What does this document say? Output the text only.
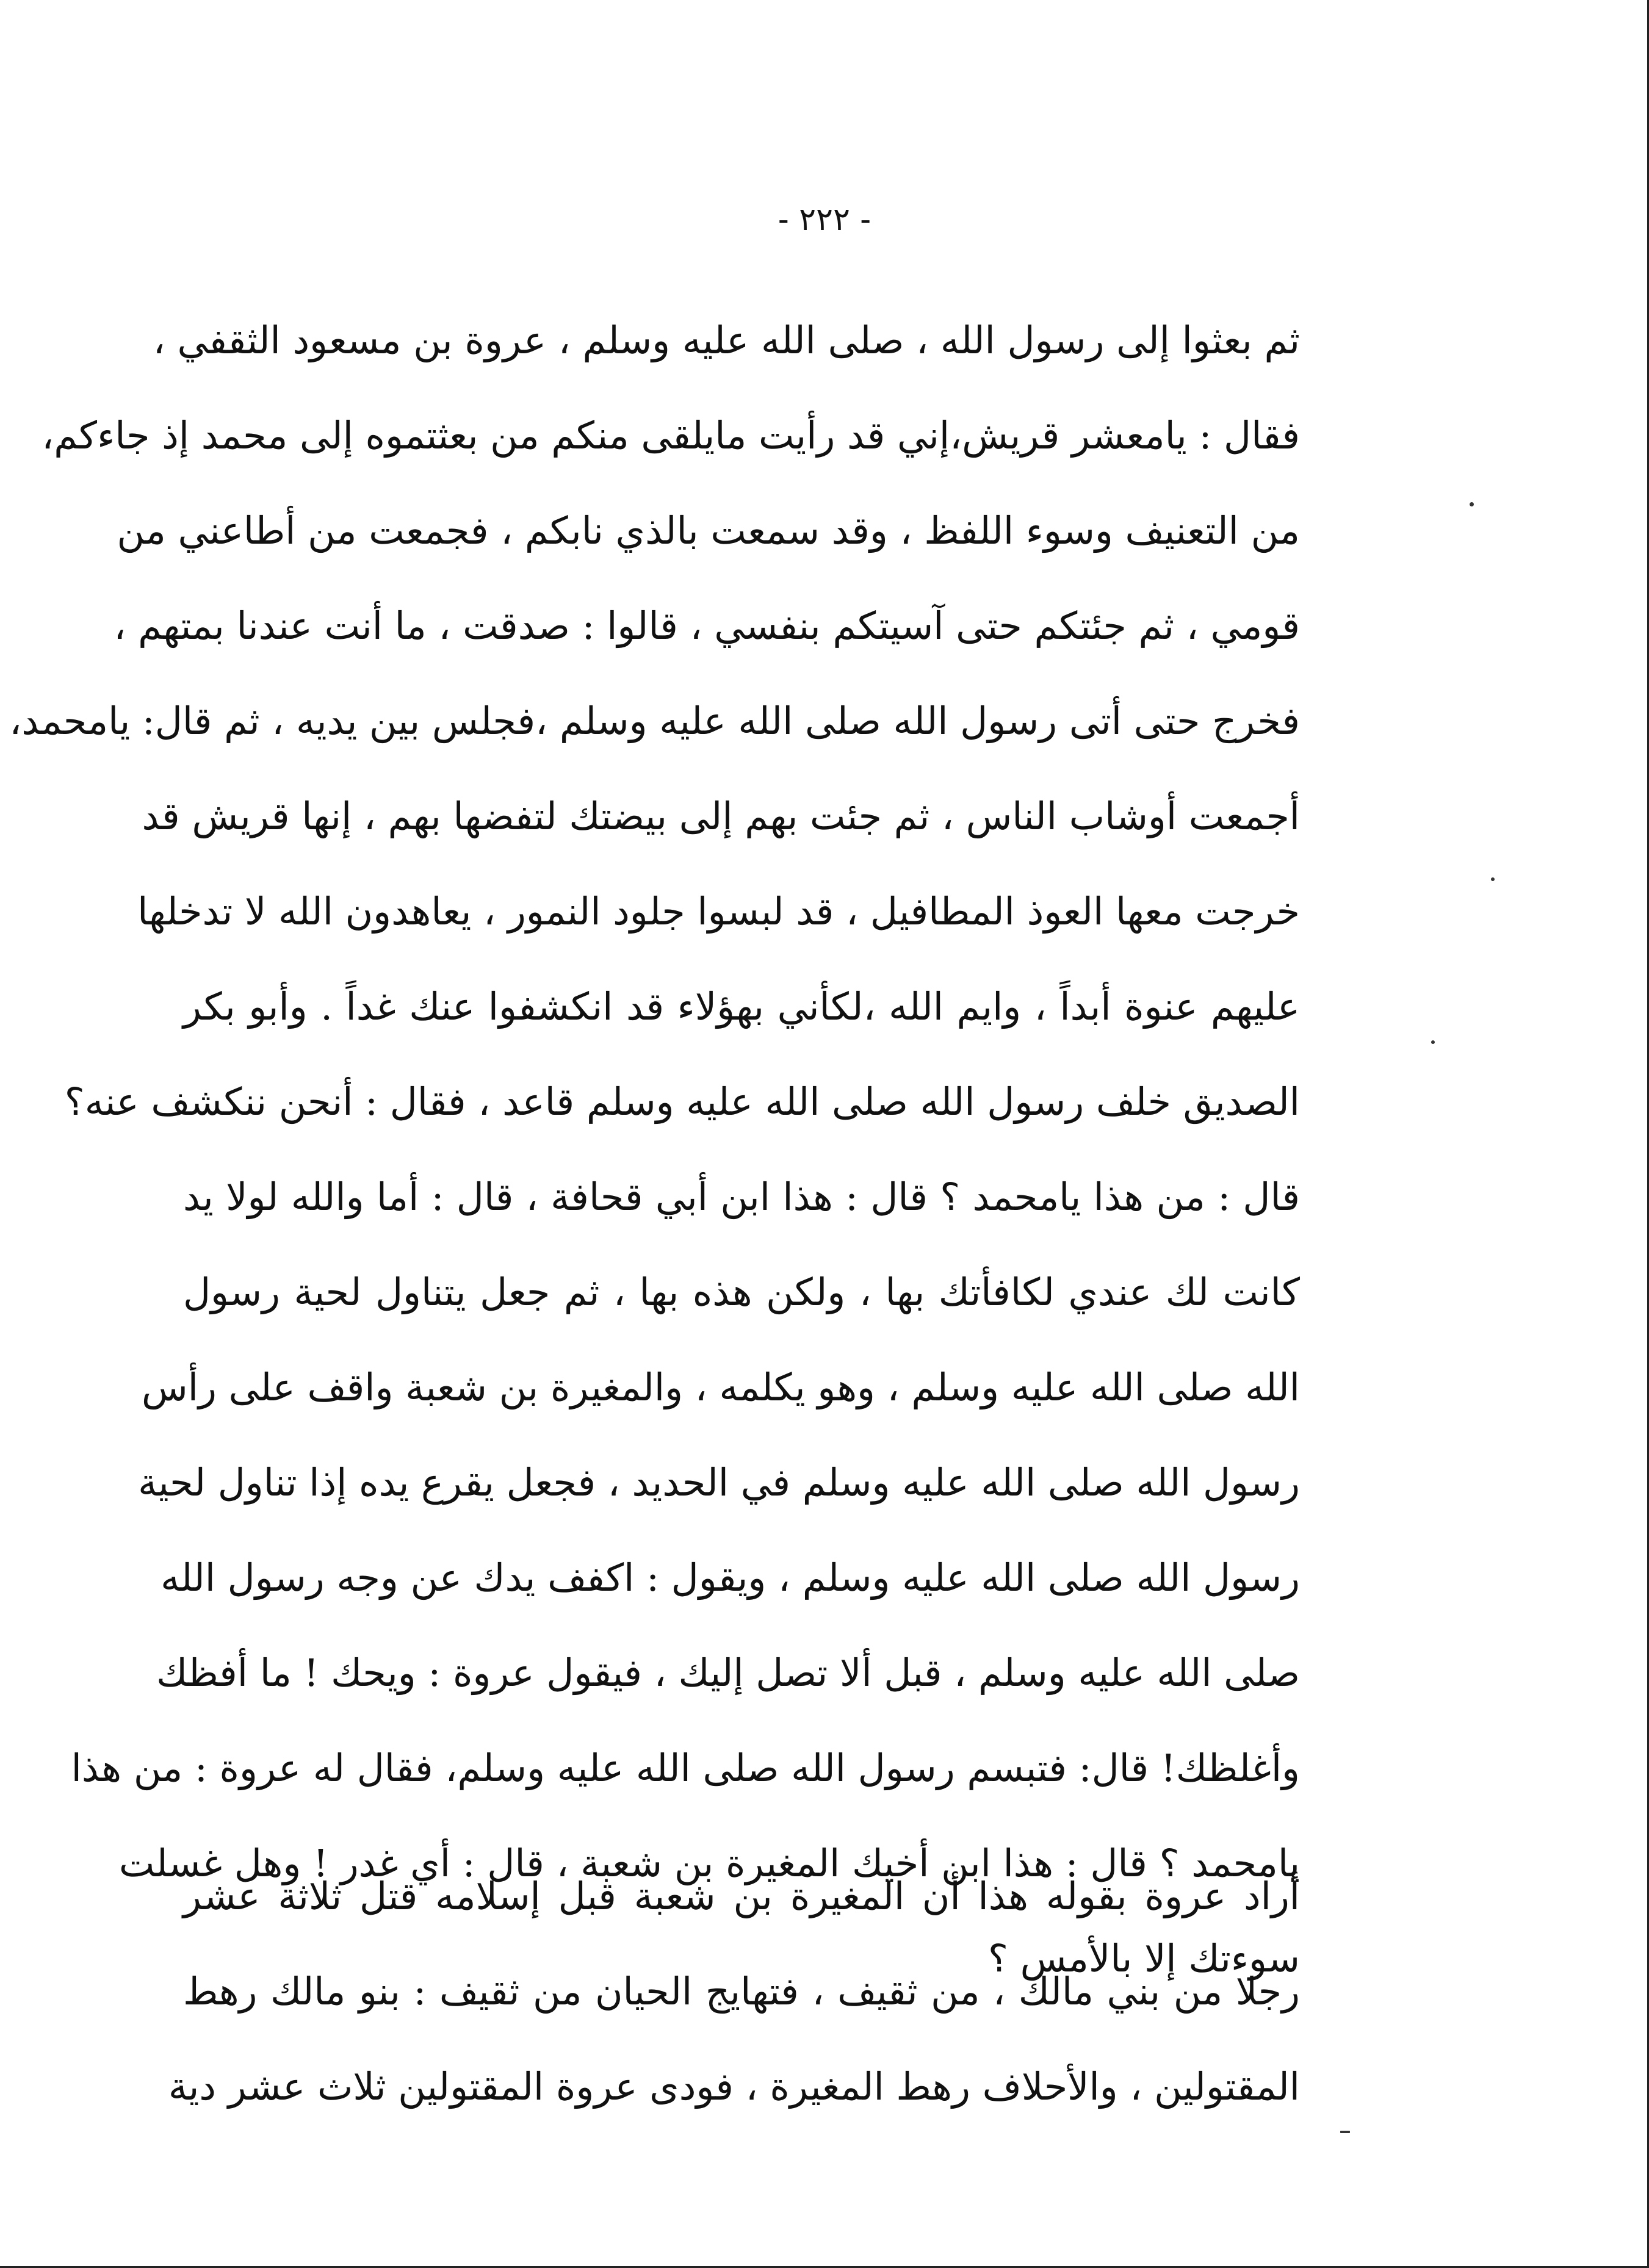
- ٢٢٢ -
ثم بعثوا إلى رسول الله ، صلى الله عليه وسلم ، عروة بن مسعود الثقفي ،
فقال : يامعشر قريش،إني قد رأيت مايلقى منكم من بعثتموه إلى محمد إذ جاءكم،
من التعنيف وسوء اللفظ ، وقد سمعت بالذي نابكم ، فجمعت من أطاعني من
قومي ، ثم جئتكم حتى آسيتكم بنفسي ، قالوا : صدقت ، ما أنت عندنا بمتهم ،
فخرج حتى أتى رسول الله صلى الله عليه وسلم ،فجلس بين يديه ، ثم قال: يامحمد،
أجمعت أوشاب الناس ، ثم جئت بهم إلى بيضتك لتفضها بهم ، إنها قريش قد
خرجت معها العوذ المطافيل ، قد لبسوا جلود النمور ، يعاهدون الله لا تدخلها
عليهم عنوة أبداً ، وايم الله ،لكأني بهؤلاء قد انكشفوا عنك غداً . وأبو بكر
الصديق خلف رسول الله صلى الله عليه وسلم قاعد ، فقال : أنحن ننكشف عنه؟
قال : من هذا يامحمد ؟ قال : هذا ابن أبي قحافة ، قال : أما والله لولا يد
كانت لك عندي لكافأتك بها ، ولكن هذه بها ، ثم جعل يتناول لحية رسول
الله صلى الله عليه وسلم ، وهو يكلمه ، والمغيرة بن شعبة واقف على رأس
رسول الله صلى الله عليه وسلم في الحديد ، فجعل يقرع يده إذا تناول لحية
رسول الله صلى الله عليه وسلم ، ويقول : اكفف يدك عن وجه رسول الله
صلى الله عليه وسلم ، قبل ألا تصل إليك ، فيقول عروة : ويحك ! ما أفظك
وأغلظك! قال: فتبسم رسول الله صلى الله عليه وسلم، فقال له عروة : من هذا
يامحمد ؟ قال : هذا ابن أخيك المغيرة بن شعبة ، قال : أي غدر ! وهل غسلت
سوءتك إلا بالأمس ؟
أراد عروة بقوله هذا أن المغيرة بن شعبة قبل إسلامه قتل ثلاثة عشر
رجلا من بني مالك ، من ثقيف ، فتهايج الحيان من ثقيف : بنو مالك رهط
المقتولين ، والأحلاف رهط المغيرة ، فودى عروة المقتولين ثلاث عشر دية
